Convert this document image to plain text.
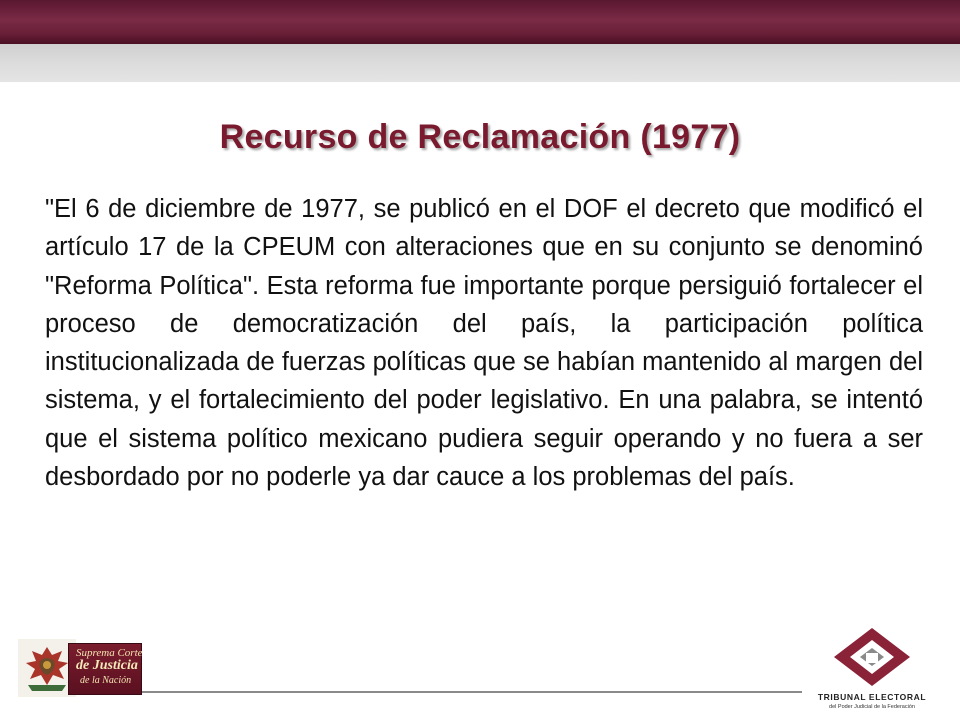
Recurso de Reclamación (1977)

"El 6 de diciembre de 1977, se publicó en el DOF el decreto que modificó el artículo 17 de la CPEUM con alteraciones que en su conjunto se denominó "Reforma Política". Esta reforma fue importante porque persiguió fortalecer el proceso de democratización del país, la participación política institucionalizada de fuerzas políticas que se habían mantenido al margen del sistema, y el fortalecimiento del poder legislativo. En una palabra, se intentó que el sistema político mexicano pudiera seguir operando y no fuera a ser desbordado por no poderle ya dar cauce a los problemas del país.

Suprema Corte
de Justicia
de la Nación
TRIBUNAL ELECTORAL
del Poder Judicial de la Federación
